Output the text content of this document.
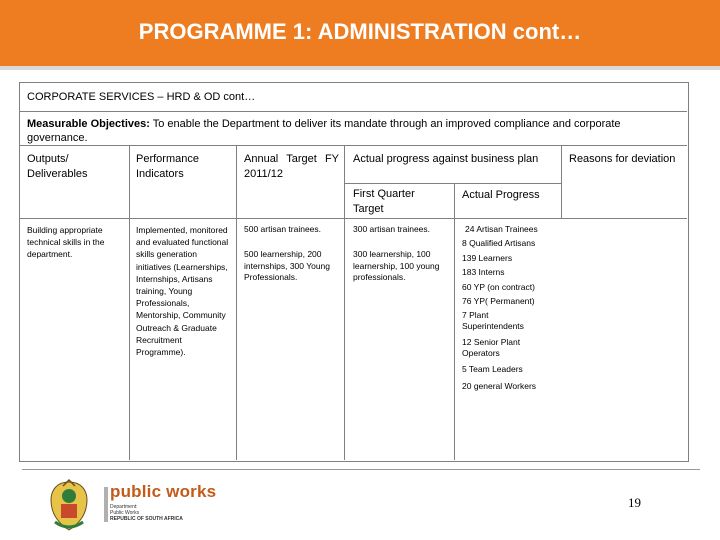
PROGRAMME 1: ADMINISTRATION cont…
CORPORATE SERVICES – HRD & OD cont…
Measurable Objectives: To enable the Department to deliver its mandate through an improved compliance and corporate governance.
Outputs/ Deliverables
Performance Indicators
Annual Target FY 2011/12
Actual progress against business plan	Reasons for deviation
First Quarter Target
Actual Progress
Building appropriate technical skills in the department.
Implemented, monitored and evaluated functional skills generation initiatives (Learnerships, Internships, Artisans training, Young Professionals, Mentorship, Community Outreach & Graduate Recruitment Programme).
500 artisan trainees.
500 learnership, 200 internships, 300 Young Professionals.
300 artisan trainees.
300 learnership, 100 learnership, 100 young professionals.
24 Artisan Trainees
8 Qualified Artisans
139 Learners
183 Interns
60 YP (on contract)
76 YP( Permanent)
7 Plant Superintendents
12 Senior Plant Operators
5 Team Leaders
20 general Workers
public works
Department:
Public Works
REPUBLIC OF SOUTH AFRICA
19
